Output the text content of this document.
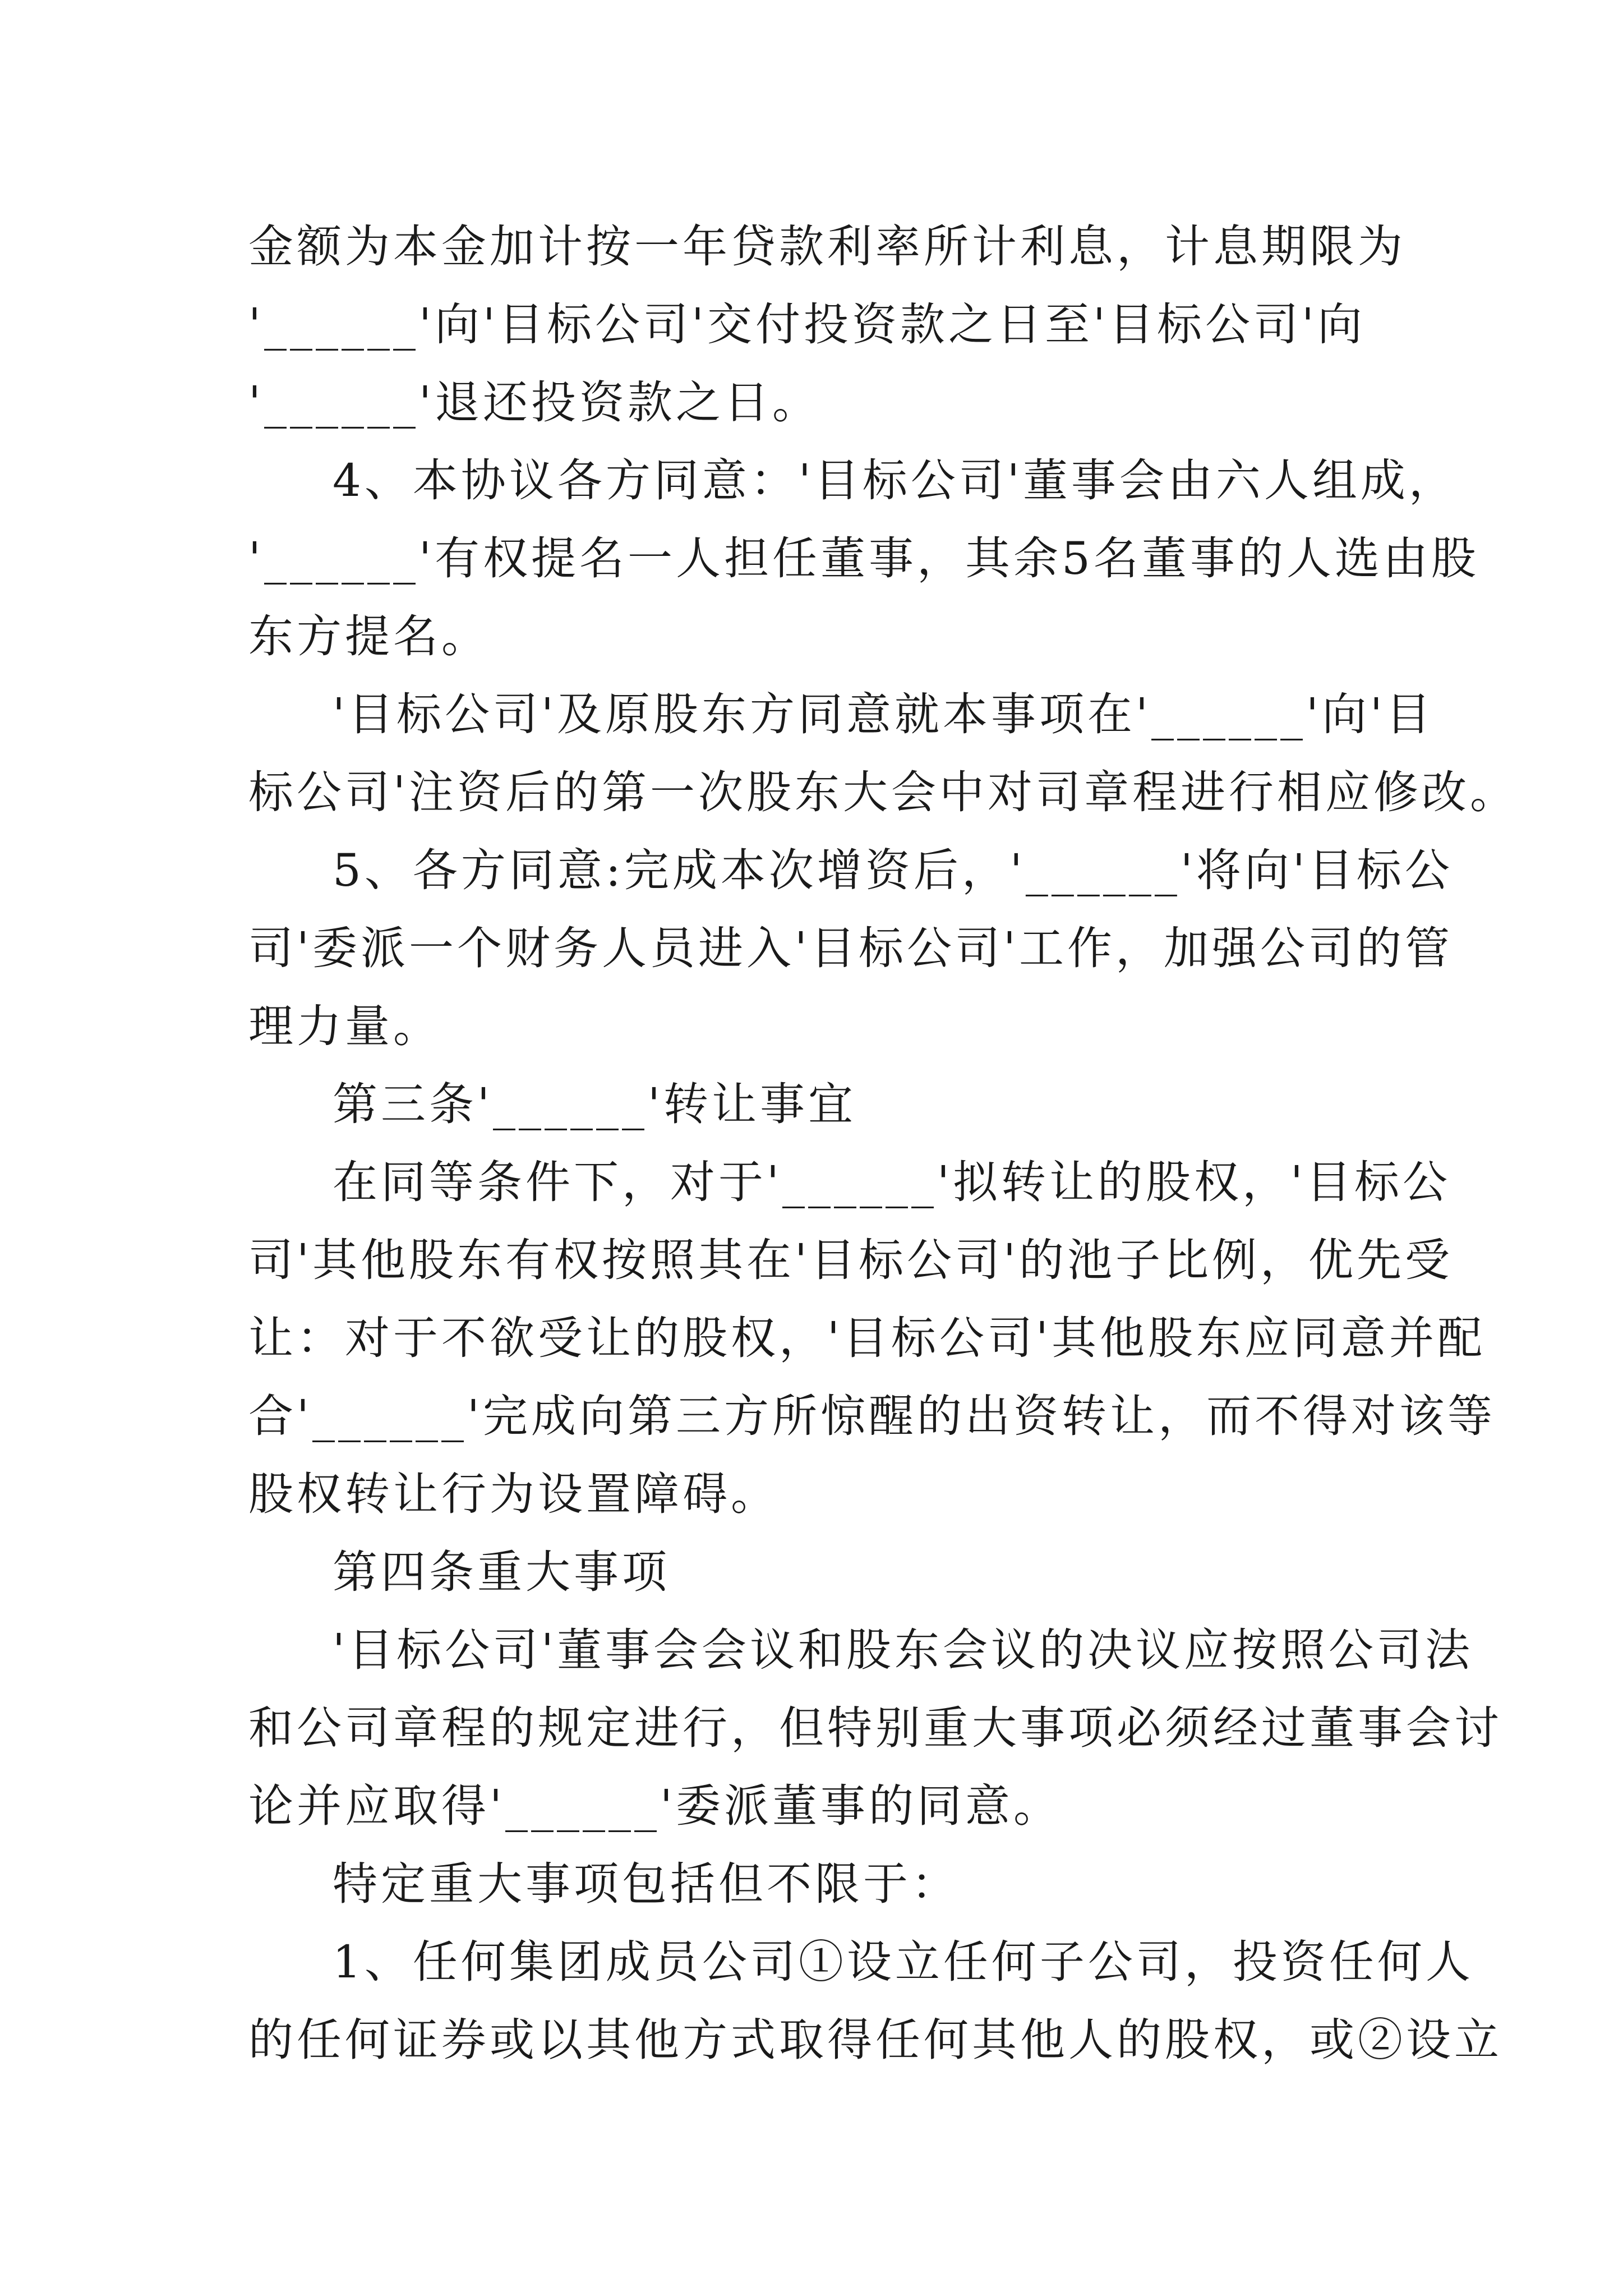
金额为本金加计按一年贷款利率所计利息，计息期限为
'______'向'目标公司'交付投资款之日至'目标公司'向
'______'退还投资款之日。
4、本协议各方同意：'目标公司'董事会由六人组成，
'______'有权提名一人担任董事，其余5名董事的人选由股
东方提名。
'目标公司'及原股东方同意就本事项在'______'向'目
标公司'注资后的第一次股东大会中对司章程进行相应修改。
5、各方同意:完成本次增资后，'______'将向'目标公
司'委派一个财务人员进入'目标公司'工作，加强公司的管
理力量。
第三条'______'转让事宜
在同等条件下，对于'______'拟转让的股权，'目标公
司'其他股东有权按照其在'目标公司'的池子比例，优先受
让：对于不欲受让的股权，'目标公司'其他股东应同意并配
合'______'完成向第三方所惊醒的出资转让，而不得对该等
股权转让行为设置障碍。
第四条重大事项
'目标公司'董事会会议和股东会议的决议应按照公司法
和公司章程的规定进行，但特别重大事项必须经过董事会讨
论并应取得'______'委派董事的同意。
特定重大事项包括但不限于：
1、任何集团成员公司①设立任何子公司，投资任何人
的任何证券或以其他方式取得任何其他人的股权，或②设立
